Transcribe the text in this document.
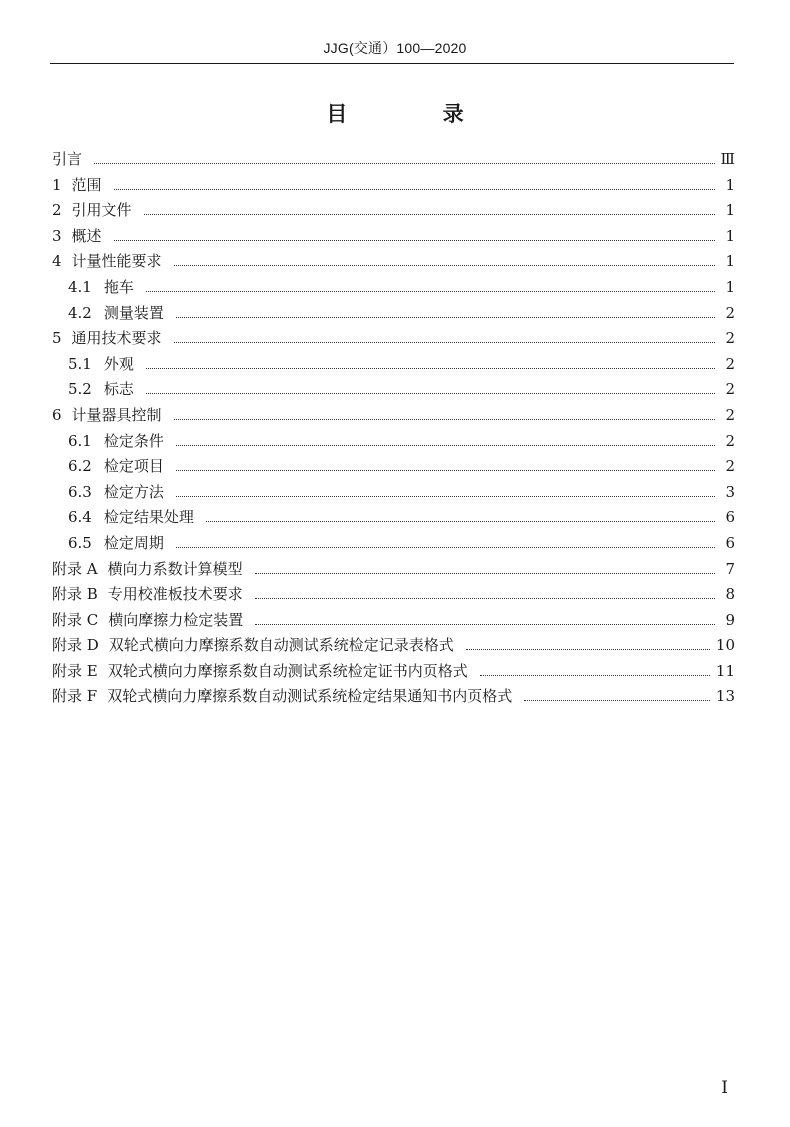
JJG(交通）100—2020
目 录
引言	Ⅲ
1 范围	1
2 引用文件	1
3 概述	1
4 计量性能要求	1
4.1 拖车	1
4.2 测量装置	2
5 通用技术要求	2
5.1 外观	2
5.2 标志	2
6 计量器具控制	2
6.1 检定条件	2
6.2 检定项目	2
6.3 检定方法	3
6.4 检定结果处理	6
6.5 检定周期	6
附录 A 横向力系数计算模型	7
附录 B 专用校准板技术要求	8
附录 C 横向摩擦力检定装置	9
附录 D 双轮式横向力摩擦系数自动测试系统检定记录表格式	10
附录 E 双轮式横向力摩擦系数自动测试系统检定证书内页格式	11
附录 F 双轮式横向力摩擦系数自动测试系统检定结果通知书内页格式	13
I
